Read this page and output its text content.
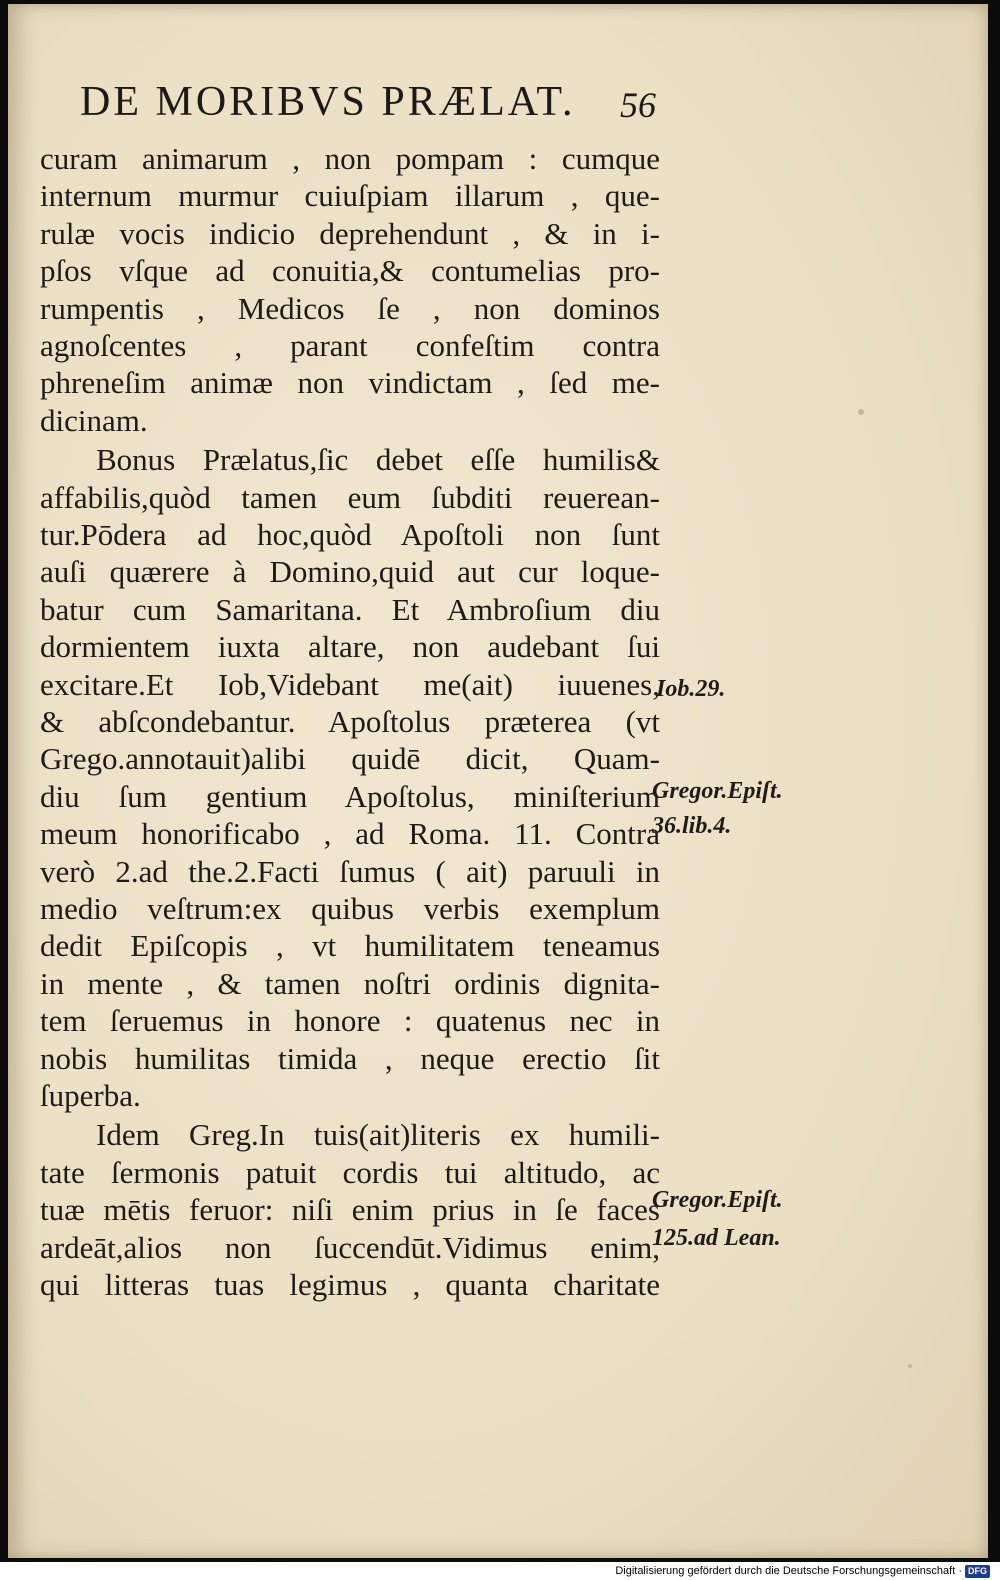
DE MORIBVS PRÆLAT.	56
curam animarum , non pompam : cumque
internum murmur cuiuſpiam illarum , que-
rulæ vocis indicio deprehendunt , & in i-
pſos vſque ad conuitia,& contumelias pro-
rumpentis , Medicos ſe , non dominos
agnoſcentes , parant confeſtim contra
phreneſim animæ non vindictam , ſed me-
dicinam.
Bonus Prælatus,ſic debet eſſe humilis&
affabilis,quòd tamen eum ſubditi reuerean-
tur.Pōdera ad hoc,quòd Apoſtoli non ſunt
auſi quærere à Domino,quid aut cur loque-
batur cum Samaritana. Et Ambroſium diu
dormientem iuxta altare, non audebant ſui
excitare.Et Iob,Videbant me(ait) iuuenes,
& abſcondebantur. Apoſtolus præterea (vt
Grego.annotauit)alibi quidē dicit, Quam-
diu ſum gentium Apoſtolus, miniſterium
meum honorificabo , ad Roma. 11. Contra
verò 2.ad the.2.Facti ſumus ( ait) paruuli in
medio veſtrum:ex quibus verbis exemplum
dedit Epiſcopis , vt humilitatem teneamus
in mente , & tamen noſtri ordinis dignita-
tem ſeruemus in honore : quatenus nec in
nobis humilitas timida , neque erectio ſit
ſuperba.
Idem Greg.In tuis(ait)literis ex humili-
tate ſermonis patuit cordis tui altitudo, ac
tuæ mētis feruor: niſi enim prius in ſe faces
ardeāt,alios non ſuccendūt.Vidimus enim,
qui litteras tuas legimus , quanta charitate
Iob.29.
Gregor.Epiſt.
36.lib.4.
Gregor.Epiſt.
125.ad Lean.
Digitalisierung gefördert durch die Deutsche Forschungsgemeinschaft · DFG
